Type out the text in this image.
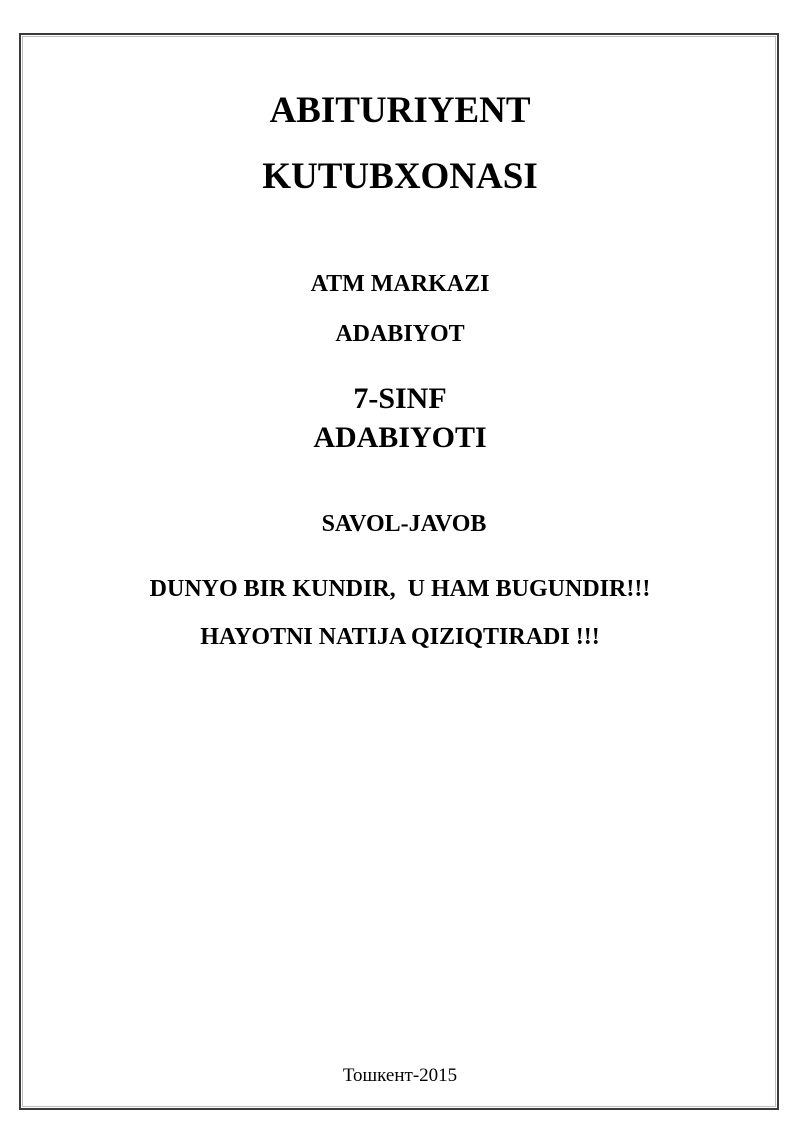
ABITURIYENT
KUTUBXONASI
ATM MARKAZI
ADABIYOT
7-SINF
ADABIYOTI
SAVOL-JAVOB
DUNYO BIR KUNDIR,  U HAM BUGUNDIR!!!
HAYOTNI NATIJA QIZIQTIRADI !!!
Тошкент-2015
